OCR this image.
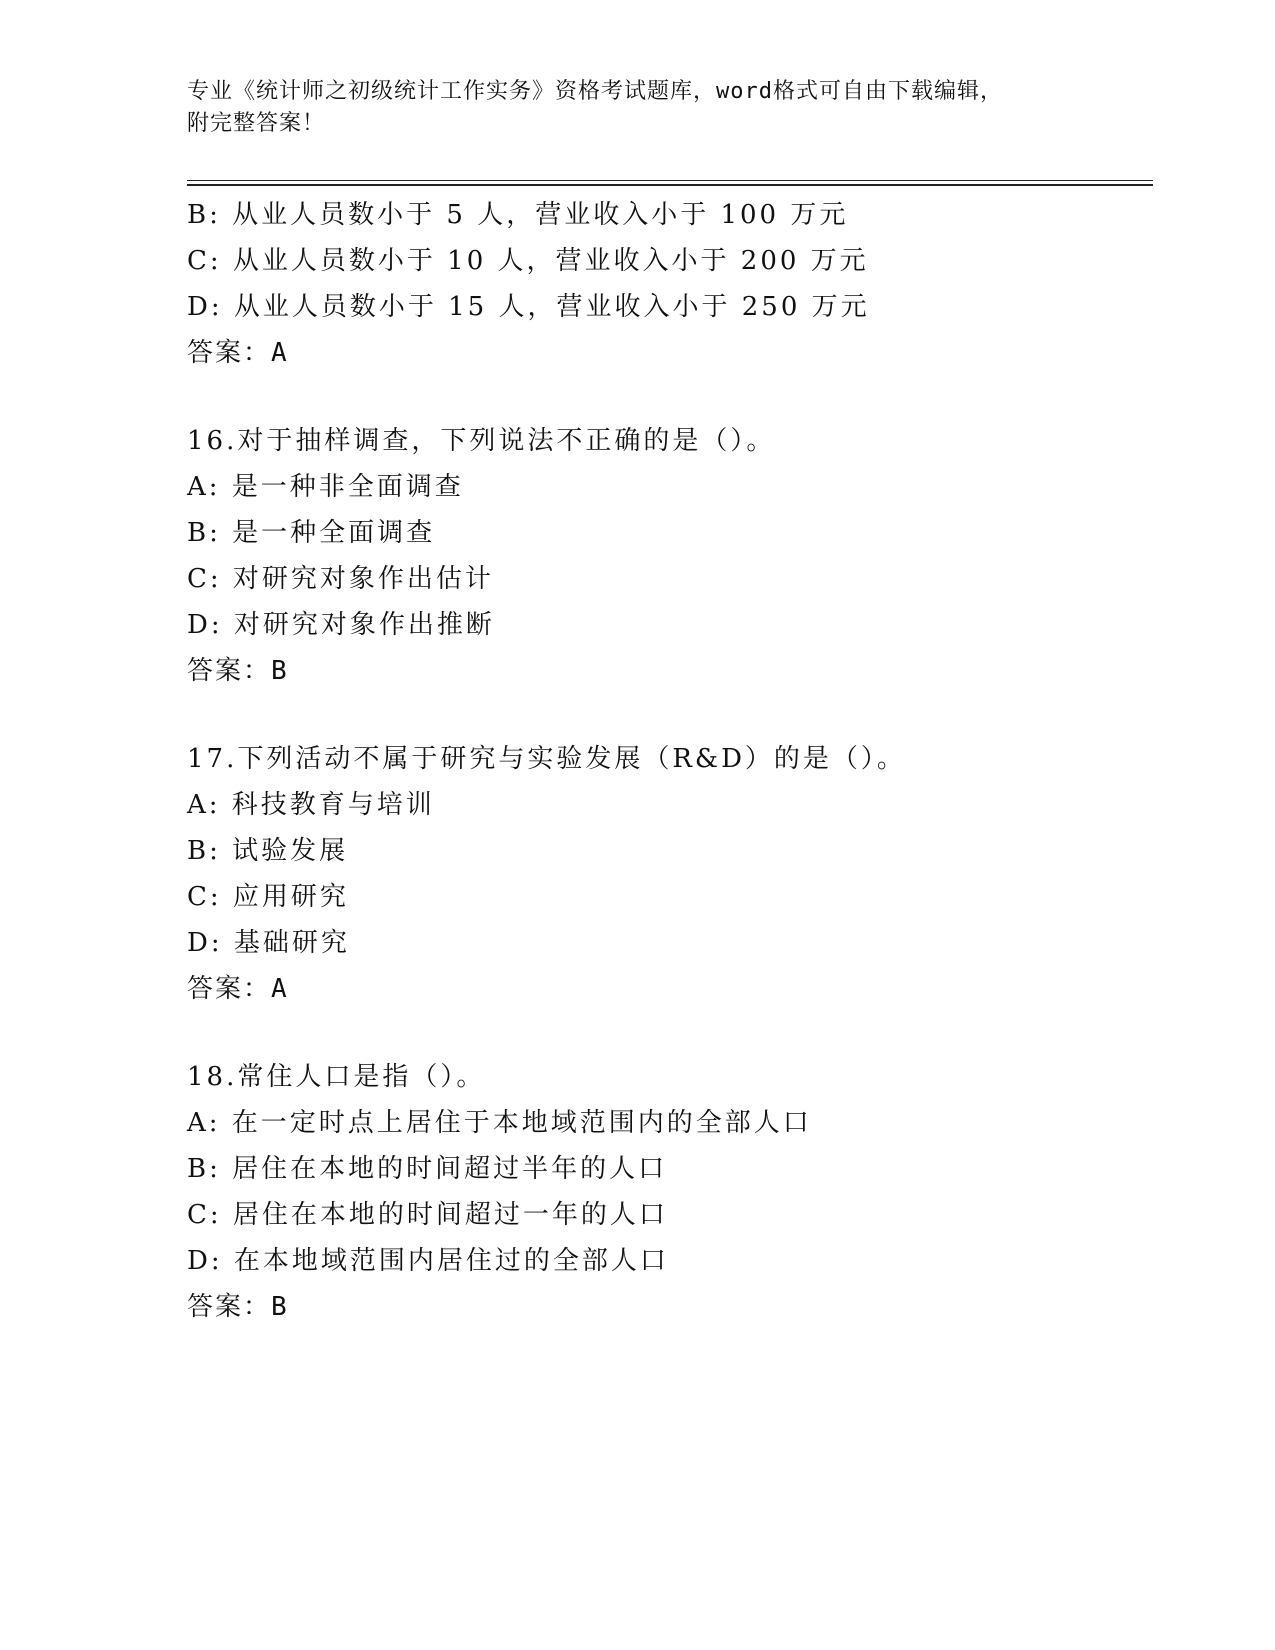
专业《统计师之初级统计工作实务》资格考试题库，word格式可自由下载编辑，
附完整答案！
B: 从业人员数小于 5 人，营业收入小于 100 万元
C: 从业人员数小于 10 人，营业收入小于 200 万元
D: 从业人员数小于 15 人，营业收入小于 250 万元
答案：A
16.对于抽样调查，下列说法不正确的是（）。
A: 是一种非全面调查
B: 是一种全面调查
C: 对研究对象作出估计
D: 对研究对象作出推断
答案：B
17.下列活动不属于研究与实验发展（R&D）的是（）。
A: 科技教育与培训
B: 试验发展
C: 应用研究
D: 基础研究
答案：A
18.常住人口是指（）。
A: 在一定时点上居住于本地域范围内的全部人口
B: 居住在本地的时间超过半年的人口
C: 居住在本地的时间超过一年的人口
D: 在本地域范围内居住过的全部人口
答案：B
